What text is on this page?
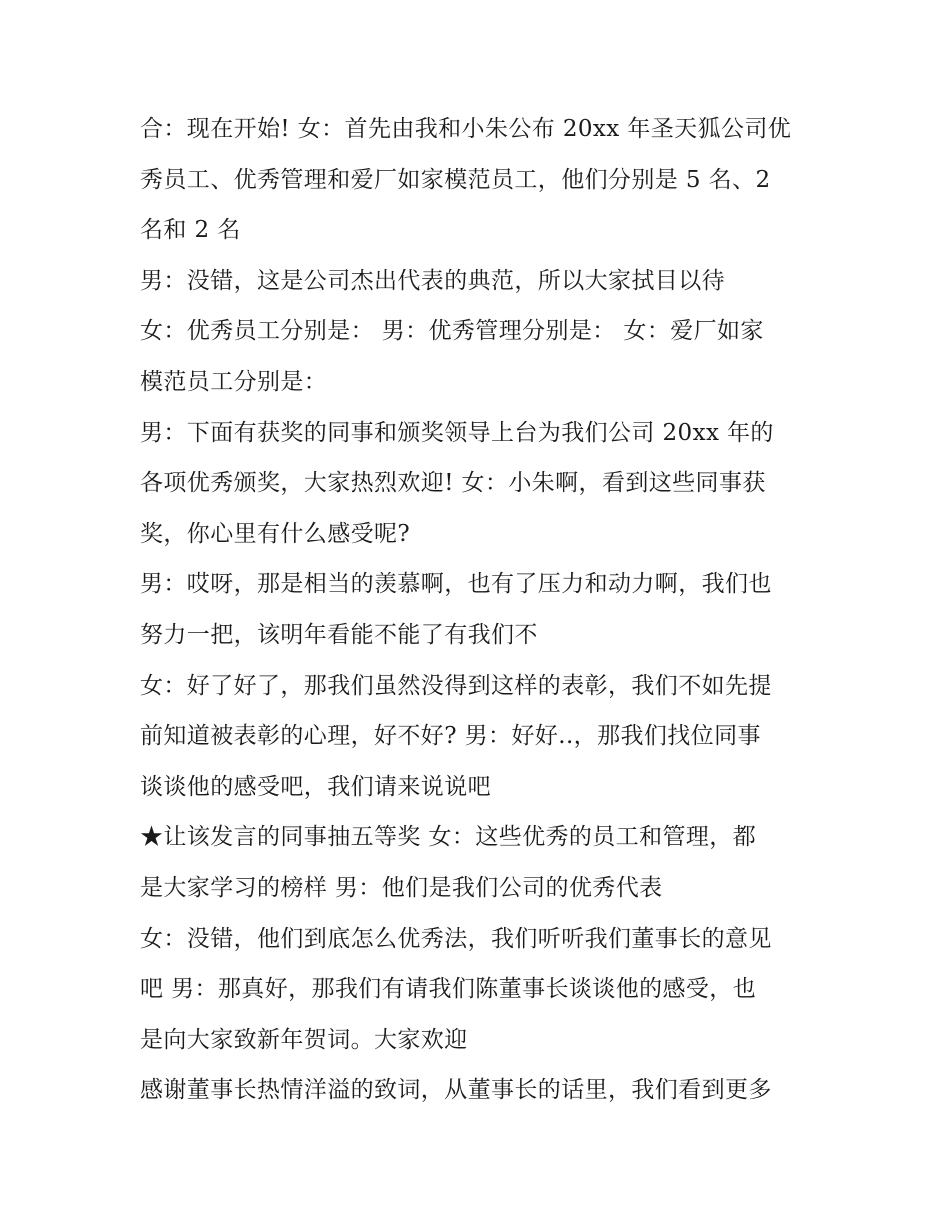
合：现在开始! 女：首先由我和小朱公布 20xx 年圣天狐公司优
秀员工、优秀管理和爱厂如家模范员工，他们分别是 5 名、2
名和 2 名
男：没错，这是公司杰出代表的典范，所以大家拭目以待
女：优秀员工分别是： 男：优秀管理分别是： 女：爱厂如家
模范员工分别是：
男：下面有获奖的同事和颁奖领导上台为我们公司 20xx 年的
各项优秀颁奖，大家热烈欢迎! 女：小朱啊，看到这些同事获
奖，你心里有什么感受呢?
男：哎呀，那是相当的羡慕啊，也有了压力和动力啊，我们也
努力一把，该明年看能不能了有我们不
女：好了好了，那我们虽然没得到这样的表彰，我们不如先提
前知道被表彰的心理，好不好? 男：好好..，那我们找位同事
谈谈他的感受吧，我们请来说说吧
★让该发言的同事抽五等奖 女：这些优秀的员工和管理，都
是大家学习的榜样 男：他们是我们公司的优秀代表
女：没错，他们到底怎么优秀法，我们听听我们董事长的意见
吧 男：那真好，那我们有请我们陈董事长谈谈他的感受，也
是向大家致新年贺词。大家欢迎
感谢董事长热情洋溢的致词，从董事长的话里，我们看到更多
